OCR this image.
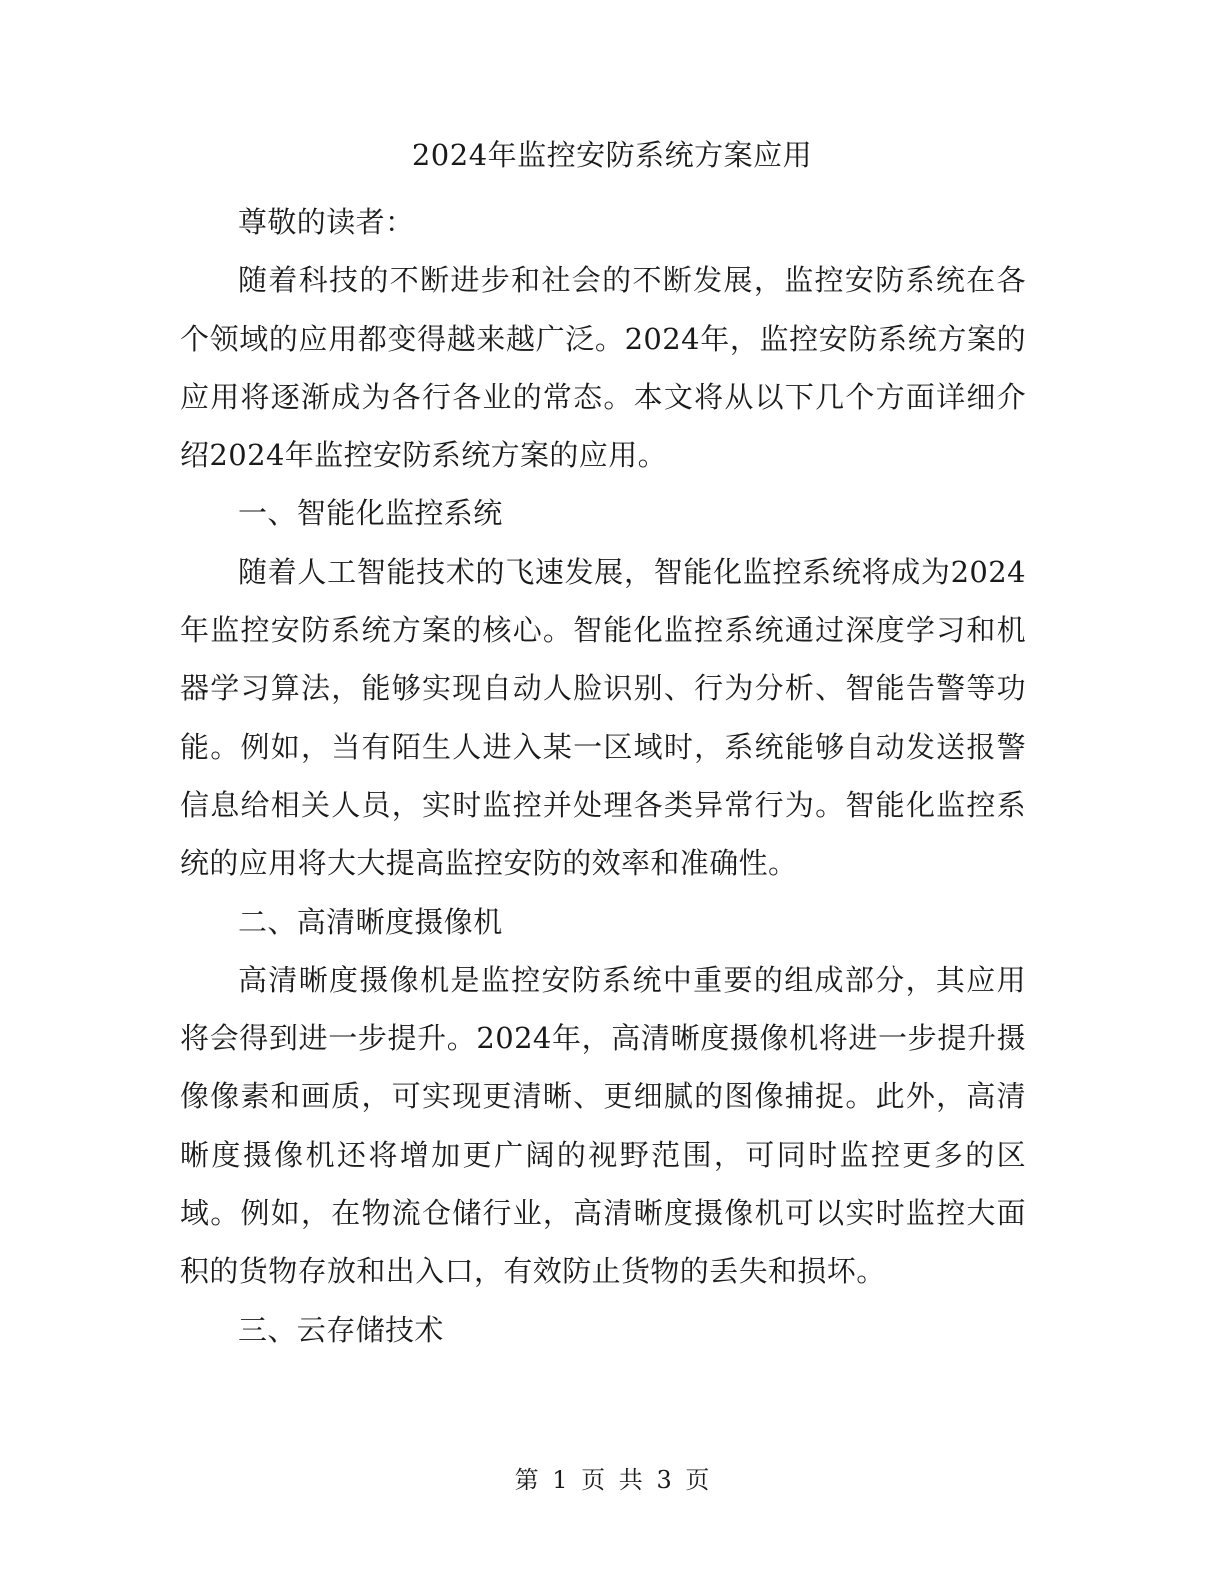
2024年监控安防系统方案应用

尊敬的读者：

随着科技的不断进步和社会的不断发展，监控安防系统在各个领域的应用都变得越来越广泛。2024年，监控安防系统方案的应用将逐渐成为各行各业的常态。本文将从以下几个方面详细介绍2024年监控安防系统方案的应用。

一、智能化监控系统

随着人工智能技术的飞速发展，智能化监控系统将成为2024年监控安防系统方案的核心。智能化监控系统通过深度学习和机器学习算法，能够实现自动人脸识别、行为分析、智能告警等功能。例如，当有陌生人进入某一区域时，系统能够自动发送报警信息给相关人员，实时监控并处理各类异常行为。智能化监控系统的应用将大大提高监控安防的效率和准确性。

二、高清晰度摄像机

高清晰度摄像机是监控安防系统中重要的组成部分，其应用将会得到进一步提升。2024年，高清晰度摄像机将进一步提升摄像像素和画质，可实现更清晰、更细腻的图像捕捉。此外，高清晰度摄像机还将增加更广阔的视野范围，可同时监控更多的区域。例如，在物流仓储行业，高清晰度摄像机可以实时监控大面积的货物存放和出入口，有效防止货物的丢失和损坏。

三、云存储技术

第 1 页 共 3 页
